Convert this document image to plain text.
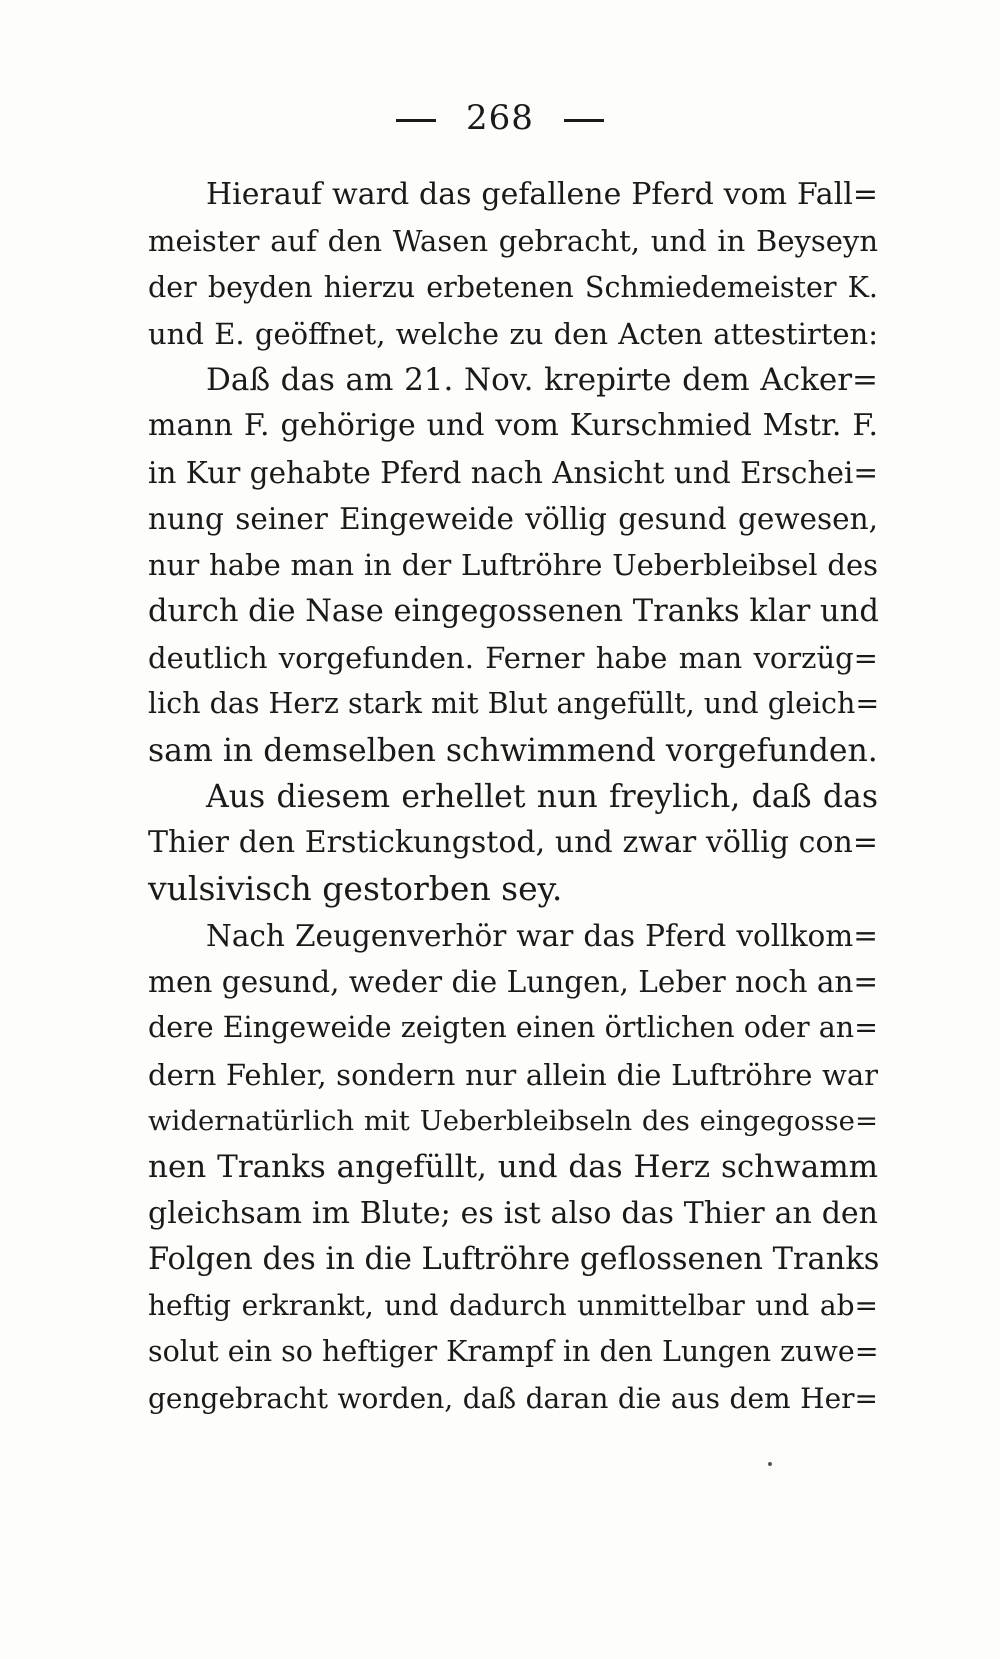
268
Hierauf ward das gefallene Pferd vom Fall=
meister auf den Wasen gebracht, und in Beyseyn
der beyden hierzu erbetenen Schmiedemeister K.
und E. geöffnet, welche zu den Acten attestirten:
Daß das am 21. Nov. krepirte dem Acker=
mann F. gehörige und vom Kurschmied Mstr. F.
in Kur gehabte Pferd nach Ansicht und Erschei=
nung seiner Eingeweide völlig gesund gewesen,
nur habe man in der Luftröhre Ueberbleibsel des
durch die Nase eingegossenen Tranks klar und
deutlich vorgefunden. Ferner habe man vorzüg=
lich das Herz stark mit Blut angefüllt, und gleich=
sam in demselben schwimmend vorgefunden.
Aus diesem erhellet nun freylich, daß das
Thier den Erstickungstod, und zwar völlig con=
vulsivisch gestorben sey.
Nach Zeugenverhör war das Pferd vollkom=
men gesund, weder die Lungen, Leber noch an=
dere Eingeweide zeigten einen örtlichen oder an=
dern Fehler, sondern nur allein die Luftröhre war
widernatürlich mit Ueberbleibseln des eingegosse=
nen Tranks angefüllt, und das Herz schwamm
gleichsam im Blute; es ist also das Thier an den
Folgen des in die Luftröhre geflossenen Tranks
heftig erkrankt, und dadurch unmittelbar und ab=
solut ein so heftiger Krampf in den Lungen zuwe=
gengebracht worden, daß daran die aus dem Her=
